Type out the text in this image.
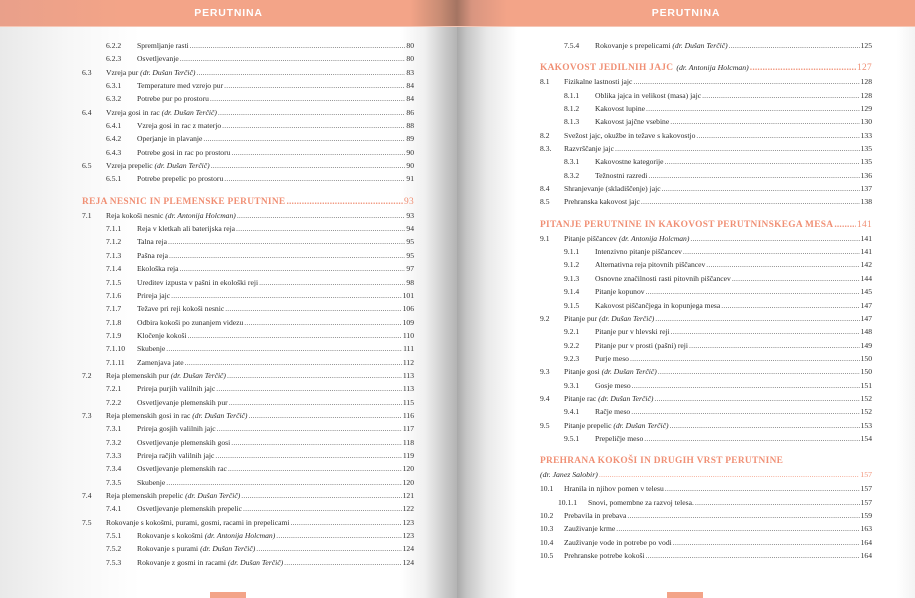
PERUTNINA
6.2.2	Spremljanje rasti .....	80
6.2.3	Osvetljevanje .....	80
6.3	Vzreja pur (dr. Dušan Terčič) .....	83
6.3.1	Temperature med vzrejo pur .....	84
6.3.2	Potrebe pur po prostoru .....	84
6.4	Vzreja gosi in rac (dr. Dušan Terčič) .....	86
6.4.1	Vzreja gosi in rac z materjo .....	88
6.4.2	Operjanje in plavanje .....	89
6.4.3	Potrebe gosi in rac po prostoru .....	90
6.5	Vzreja prepelic (dr. Dušan Terčič) .....	90
6.5.1	Potrebe prepelic po prostoru .....	91
REJA NESNIC IN PLEMENSKE PERUTNINE .....	93
7.1	Reja kokoši nesnic (dr. Antonija Holcman) .....	93
7.1.1	Reja v kletkah ali baterijska reja .....	94
7.1.2	Talna reja .....	95
7.1.3	Pašna reja .....	95
7.1.4	Ekološka reja .....	97
7.1.5	Ureditev izpusta v pašni in ekološki reji .....	98
7.1.6	Prireja jajc .....	101
7.1.7	Težave pri reji kokoši nesnic .....	106
7.1.8	Odbira kokoši po zunanjem videzu .....	109
7.1.9	Kločenje kokoši .....	110
7.1.10	Skubenje .....	111
7.1.11	Zamenjava jate .....	112
7.2	Reja plemenskih pur (dr. Dušan Terčič) .....	113
7.2.1	Prireja purjih valilnih jajc .....	113
7.2.2	Osvetljevanje plemenskih pur .....	115
7.3	Reja plemenskih gosi in rac (dr. Dušan Terčič) .....	116
7.3.1	Prireja gosjih valilnih jajc .....	117
7.3.2	Osvetljevanje plemenskih gosi .....	118
7.3.3	Prireja račjih valilnih jajc .....	119
7.3.4	Osvetljevanje plemenskih rac .....	120
7.3.5	Skubenje .....	120
7.4	Reja plemenskih prepelic (dr. Dušan Terčič) .....	121
7.4.1	Osvetljevanje plemenskih prepelic .....	122
7.5	Rokovanje s kokošmi, purami, gosmi, racami in prepelicami .....	123
7.5.1	Rokovanje s kokošmi (dr. Antonija Holcman) .....	123
7.5.2	Rokovanje s purami (dr. Dušan Terčič) .....	124
7.5.3	Rokovanje z gosmi in racami (dr. Dušan Terčič) .....	124
PERUTNINA
7.5.4	Rokovanje s prepelicami (dr. Dušan Terčič) .....	125
KAKOVOST JEDILNIH JAJC (dr. Antonija Holcman) .....	127
8.1	Fizikalne lastnosti jajc .....	128
8.1.1	Oblika jajca in velikost (masa) jajc .....	128
8.1.2	Kakovost lupine .....	129
8.1.3	Kakovost jajčne vsebine .....	130
8.2	Svežost jajc, okužbe in težave s kakovostjo .....	133
8.3.	Razvrščanje jajc .....	135
8.3.1	Kakovostne kategorije .....	135
8.3.2	Težnostni razredi .....	136
8.4	Shranjevanje (skladiščenje) jajc .....	137
8.5	Prehranska kakovost jajc .....	138
PITANJE PERUTNINE IN KAKOVOST PERUTNINSKEGA MESA .....	141
9.1	Pitanje piščancev (dr. Antonija Holcman) .....	141
9.1.1	Intenzivno pitanje piščancev .....	141
9.1.2	Alternativna reja pitovnih piščancev .....	142
9.1.3	Osnovne značilnosti rasti pitovnih piščancev .....	144
9.1.4	Pitanje kopunov .....	145
9.1.5	Kakovost piščančjega in kopunjega mesa .....	147
9.2	Pitanje pur (dr. Dušan Terčič) .....	147
9.2.1	Pitanje pur v hlevski reji .....	148
9.2.2	Pitanje pur v prosti (pašni) reji .....	149
9.2.3	Purje meso .....	150
9.3	Pitanje gosi (dr. Dušan Terčič) .....	150
9.3.1	Gosje meso .....	151
9.4	Pitanje rac (dr. Dušan Terčič) .....	152
9.4.1	Račje meso .....	152
9.5	Pitanje prepelic (dr. Dušan Terčič) .....	153
9.5.1	Prepeličje meso .....	154
PREHRANA KOKOŠI IN DRUGIH VRST PERUTNINE
(dr. Janez Salobir) .....	157
10.1	Hranila in njihov pomen v telesu .....	157
10.1.1	Snovi, pomembne za razvoj telesa. .....	157
10.2	Prebavila in prebava .....	159
10.3	Zauživanje krme .....	163
10.4	Zauživanje vode in potrebe po vodi .....	164
10.5	Prehranske potrebe kokoši .....	164
